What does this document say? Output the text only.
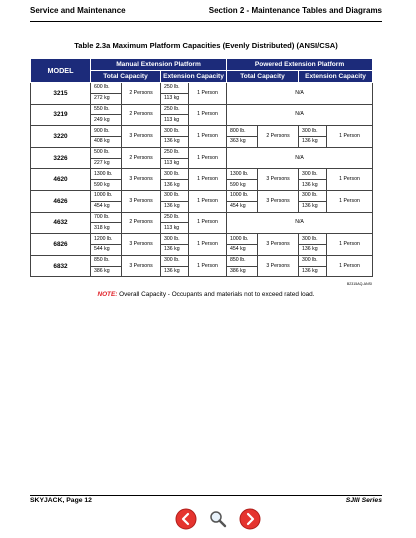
Service and Maintenance	Section 2 - Maintenance Tables and Diagrams
Table 2.3a Maximum Platform Capacities (Evenly Distributed) (ANSI/CSA)
MODEL	Manual Extension Platform				Powered Extension Platform			
	Total Capacity		Extension Capacity		Total Capacity		Extension Capacity	
3215	600 lb.	2 Persons	250 lb.	1 Person	N/A			
	272 kg		113 kg					
3219	550 lb.	2 Persons	250 lb.	1 Person	N/A			
	249 kg		113 kg					
3220	900 lb.	3 Persons	300 lb.	1 Person	800 lb.	2 Persons	300 lb.	1 Person
	408 kg		136 kg		363 kg		136 kg	
3226	500 lb.	2 Persons	250 lb.	1 Person	N/A			
	227 kg		113 kg					
4620	1300 lb.	3 Persons	300 lb.	1 Person	1300 lb.	3 Persons	300 lb.	1 Person
	590 kg		136 kg		590 kg		136 kg	
4626	1000 lb.	3 Persons	300 lb.	1 Person	1000 lb.	3 Persons	300 lb.	1 Person
	454 kg		136 kg		454 kg		136 kg	
4632	700 lb.	2 Persons	250 lb.	1 Person	N/A			
	318 kg		113 kg					
6826	1200 lb.	3 Persons	300 lb.	1 Person	1000 lb.	3 Persons	300 lb.	1 Person
	544 kg		136 kg		454 kg		136 kg	
6832	850 lb.	3 Persons	300 lb.	1 Person	850 lb.	3 Persons	300 lb.	1 Person
	386 kg		136 kg		386 kg		136 kg	
B2315AQ-ANSI
NOTE: Overall Capacity - Occupants and materials not to exceed rated load.
SKYJACK, Page 12	SJIII Series
